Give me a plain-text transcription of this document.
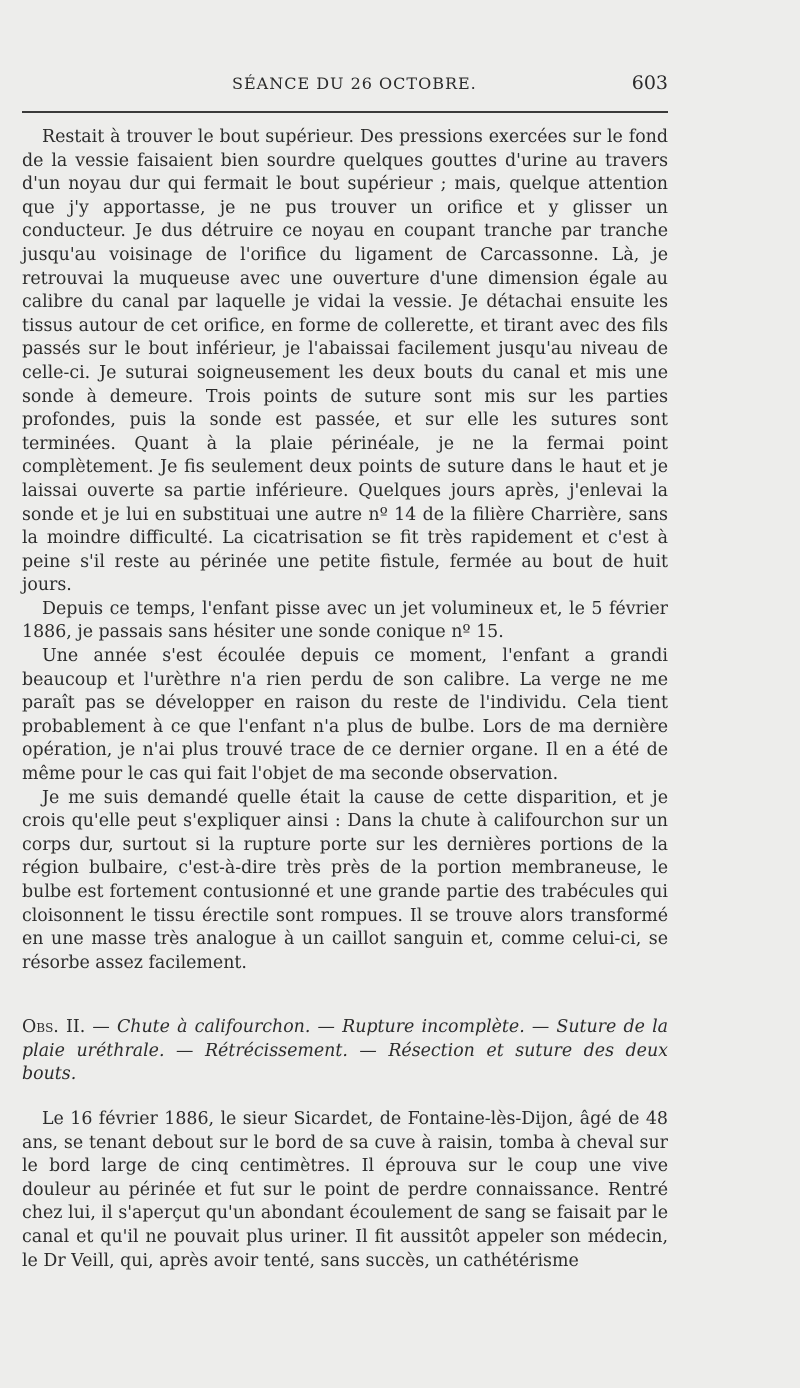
SÉANCE DU 26 OCTOBRE.	603

Restait à trouver le bout supérieur. Des pressions exercées sur le fond de la vessie faisaient bien sourdre quelques gouttes d'urine au travers d'un noyau dur qui fermait le bout supérieur ; mais, quelque attention que j'y apportasse, je ne pus trouver un orifice et y glisser un conducteur. Je dus détruire ce noyau en coupant tranche par tranche jusqu'au voisinage de l'orifice du ligament de Carcassonne. Là, je retrouvai la muqueuse avec une ouverture d'une dimension égale au calibre du canal par laquelle je vidai la vessie. Je détachai ensuite les tissus autour de cet orifice, en forme de collerette, et tirant avec des fils passés sur le bout inférieur, je l'abaissai facilement jusqu'au niveau de celle-ci. Je suturai soigneusement les deux bouts du canal et mis une sonde à demeure. Trois points de suture sont mis sur les parties profondes, puis la sonde est passée, et sur elle les sutures sont terminées. Quant à la plaie périnéale, je ne la fermai point complètement. Je fis seulement deux points de suture dans le haut et je laissai ouverte sa partie inférieure. Quelques jours après, j'enlevai la sonde et je lui en substituai une autre nº 14 de la filière Charrière, sans la moindre difficulté. La cicatrisation se fit très rapidement et c'est à peine s'il reste au périnée une petite fistule, fermée au bout de huit jours.

Depuis ce temps, l'enfant pisse avec un jet volumineux et, le 5 février 1886, je passais sans hésiter une sonde conique nº 15.

Une année s'est écoulée depuis ce moment, l'enfant a grandi beaucoup et l'urèthre n'a rien perdu de son calibre. La verge ne me paraît pas se développer en raison du reste de l'individu. Cela tient probablement à ce que l'enfant n'a plus de bulbe. Lors de ma dernière opération, je n'ai plus trouvé trace de ce dernier organe. Il en a été de même pour le cas qui fait l'objet de ma seconde observation.

Je me suis demandé quelle était la cause de cette disparition, et je crois qu'elle peut s'expliquer ainsi : Dans la chute à califourchon sur un corps dur, surtout si la rupture porte sur les dernières portions de la région bulbaire, c'est-à-dire très près de la portion membraneuse, le bulbe est fortement contusionné et une grande partie des trabécules qui cloisonnent le tissu érectile sont rompues. Il se trouve alors transformé en une masse très analogue à un caillot sanguin et, comme celui-ci, se résorbe assez facilement.

Obs. II. — Chute à califourchon. — Rupture incomplète. — Suture de la plaie uréthrale. — Rétrécissement. — Résection et suture des deux bouts.

Le 16 février 1886, le sieur Sicardet, de Fontaine-lès-Dijon, âgé de 48 ans, se tenant debout sur le bord de sa cuve à raisin, tomba à cheval sur le bord large de cinq centimètres. Il éprouva sur le coup une vive douleur au périnée et fut sur le point de perdre connaissance. Rentré chez lui, il s'aperçut qu'un abondant écoulement de sang se faisait par le canal et qu'il ne pouvait plus uriner. Il fit aussitôt appeler son médecin, le Dr Veill, qui, après avoir tenté, sans succès, un cathétérisme
